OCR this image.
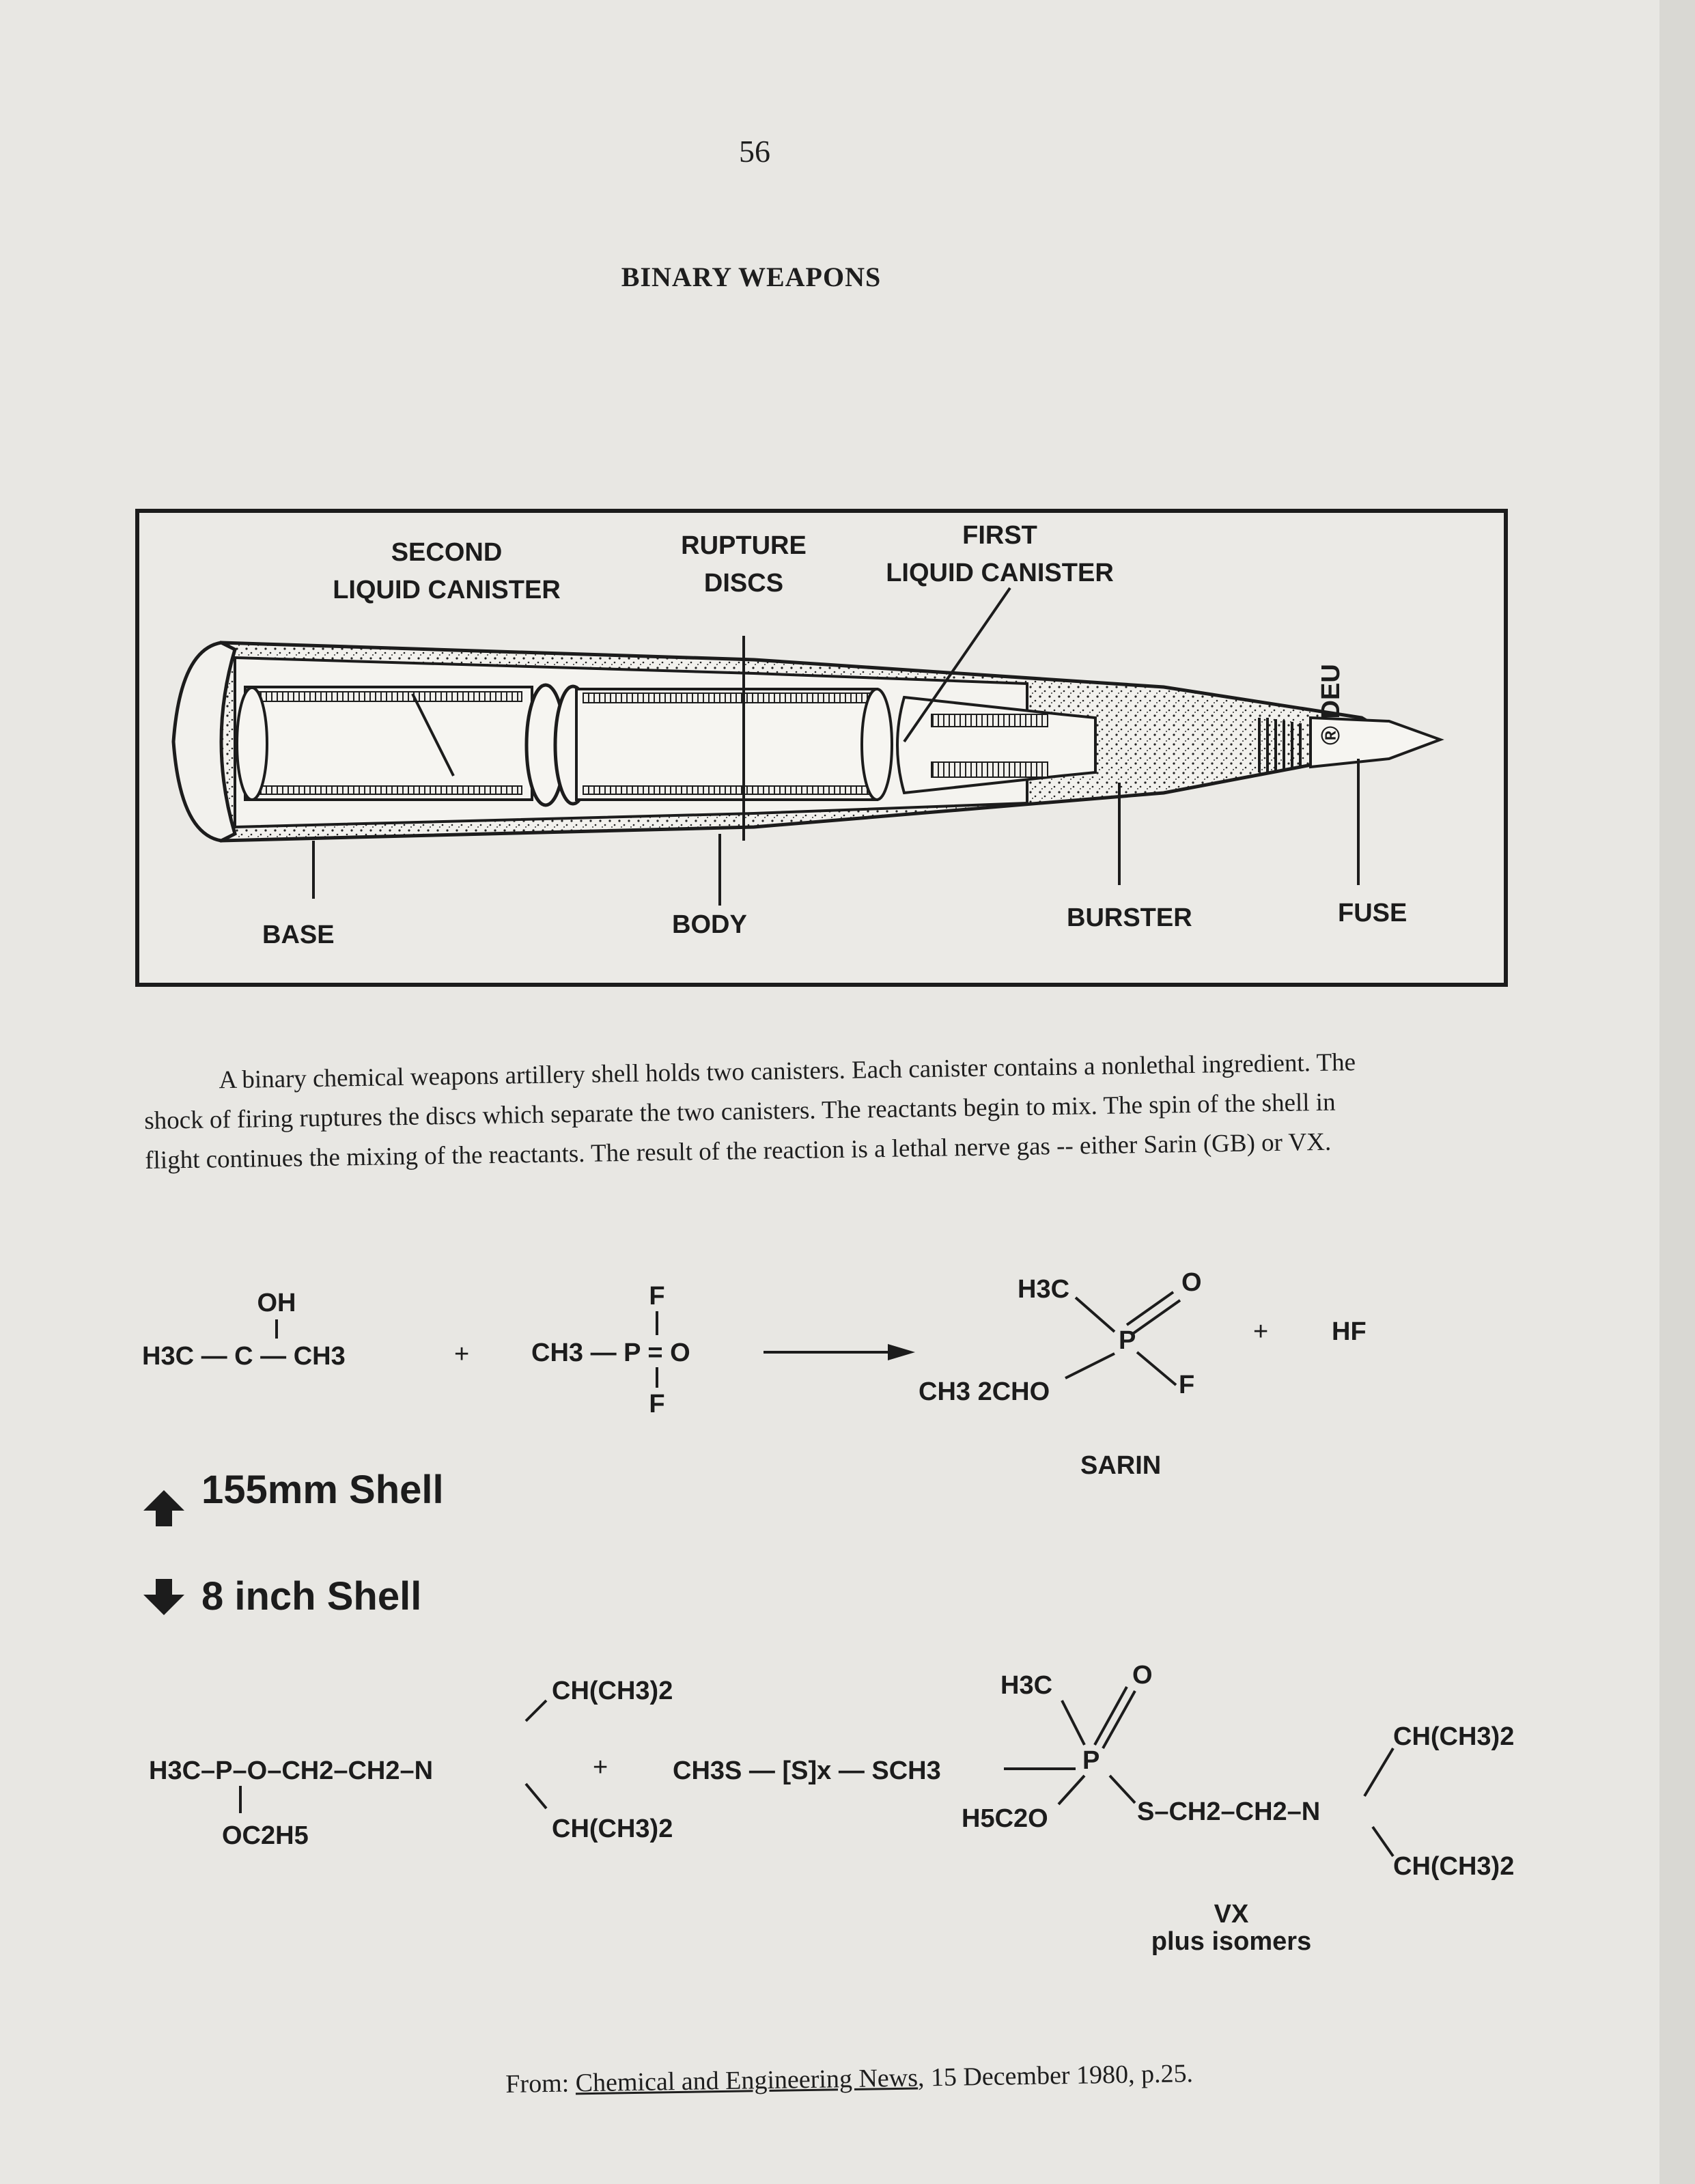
56
BINARY WEAPONS
® DEU
SECOND
LIQUID CANISTER
RUPTURE
DISCS
FIRST
LIQUID CANISTER
BASE	BODY	BURSTER	FUSE

A binary chemical weapons artillery shell holds two canisters. Each canister contains a nonlethal ingredient. The shock of firing ruptures the discs which separate the two canisters. The reactants begin to mix. The spin of the shell in flight continues the mixing of the reactants. The result of the reaction is a lethal nerve gas -- either Sarin (GB) or VX.

OH
H3C — C — CH3	+
F
CH3 — P = O
F
H3C	O
P
F
CH3 2CHO
+ HF
SARIN
CH(CH3)2
H3C–P–O–CH2–CH2–N
CH(CH3)2
OC2H5
+ CH3S — [S]x — SCH3
H3C	O
P
H5C2O	S–CH2–CH2–N
CH(CH3)2
CH(CH3)2
VX
plus isomers
155mm Shell
8 inch Shell
From: Chemical and Engineering News, 15 December 1980, p.25.
